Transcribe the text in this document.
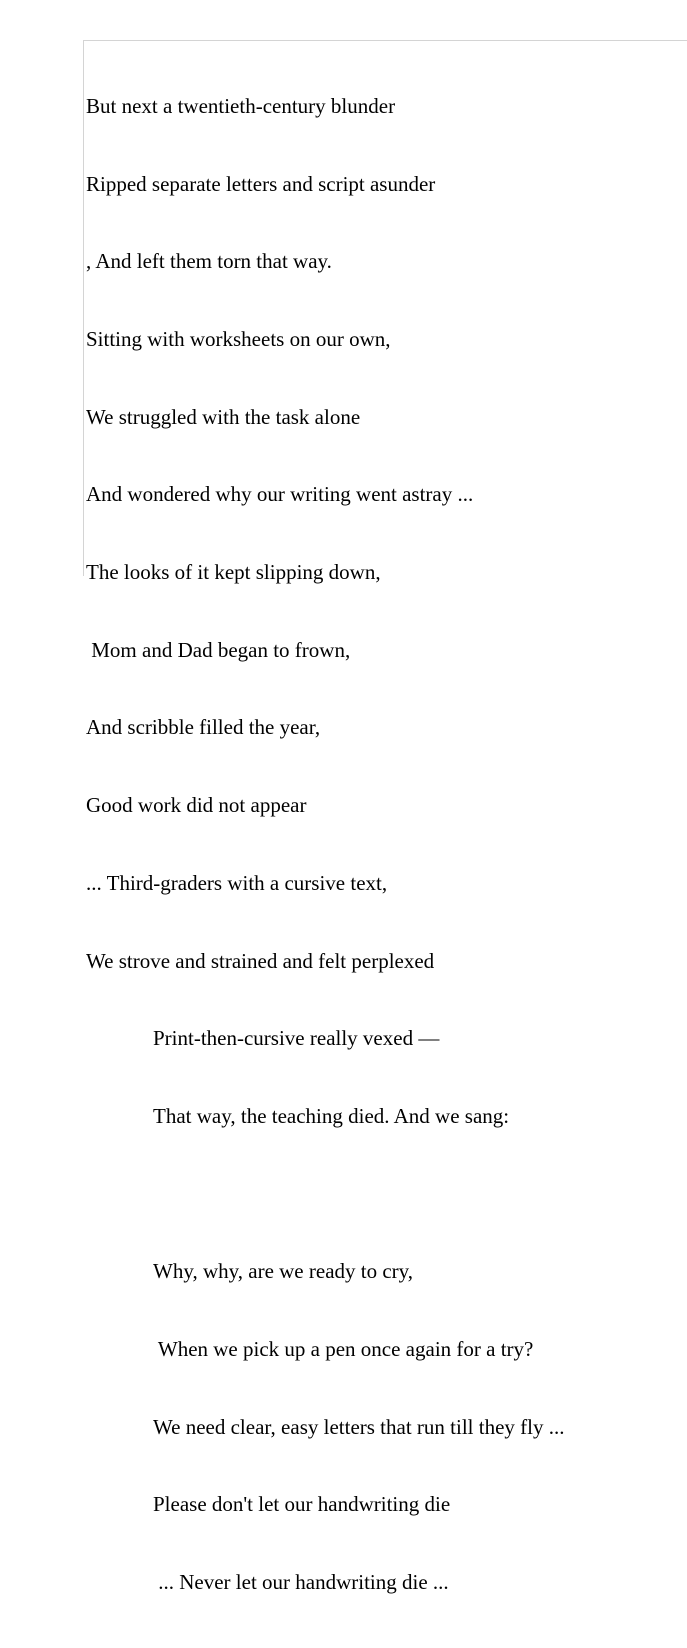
But next a twentieth-century blunder

Ripped separate letters and script asunder

, And left them torn that way.

Sitting with worksheets on our own,

We struggled with the task alone

And wondered why our writing went astray ...

The looks of it kept slipping down,

Mom and Dad began to frown,

And scribble filled the year,

Good work did not appear

... Third-graders with a cursive text,

We strove and strained and felt perplexed

Print-then-cursive really vexed —

That way, the teaching died. And we sang:

Why, why, are we ready to cry,

When we pick up a pen once again for a try?

We need clear, easy letters that run till they fly ...

Please don't let our handwriting die

... Never let our handwriting die ...
